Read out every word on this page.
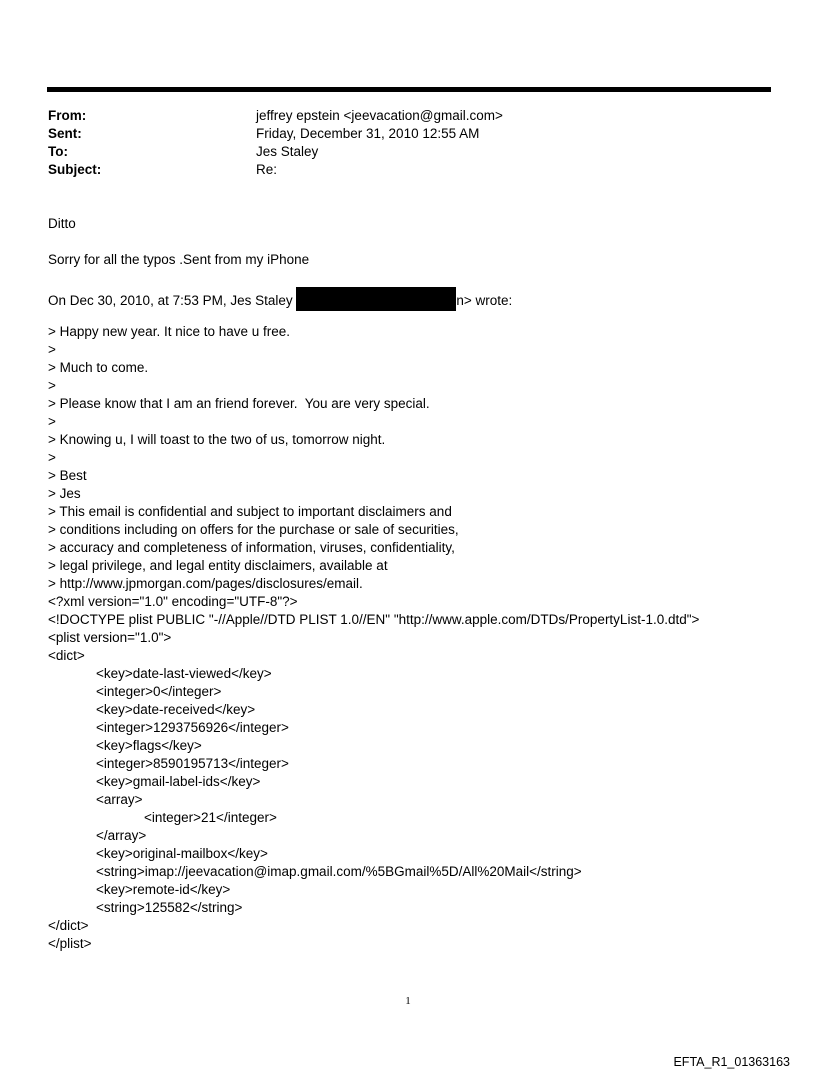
From:	jeffrey epstein <jeevacation@gmail.com>
Sent:	Friday, December 31, 2010 12:55 AM
To:	Jes Staley
Subject:	Re:
Ditto
Sorry for all the typos .Sent from my iPhone
On Dec 30, 2010, at 7:53 PM, Jes Staley	n> wrote:
> Happy new year. It nice to have u free.
>
> Much to come.
>
> Please know that I am an friend forever.  You are very special.
>
> Knowing u, I will toast to the two of us, tomorrow night.
>
> Best
> Jes
> This email is confidential and subject to important disclaimers and
> conditions including on offers for the purchase or sale of securities,
> accuracy and completeness of information, viruses, confidentiality,
> legal privilege, and legal entity disclaimers, available at
> http://www.jpmorgan.com/pages/disclosures/email.
<?xml version="1.0" encoding="UTF-8"?>
<!DOCTYPE plist PUBLIC "-//Apple//DTD PLIST 1.0//EN" "http://www.apple.com/DTDs/PropertyList-1.0.dtd">
<plist version="1.0">
<dict>
<key>date-last-viewed</key>
<integer>0</integer>
<key>date-received</key>
<integer>1293756926</integer>
<key>flags</key>
<integer>8590195713</integer>
<key>gmail-label-ids</key>
<array>
<integer>21</integer>
</array>
<key>original-mailbox</key>
<string>imap://jeevacation@imap.gmail.com/%5BGmail%5D/All%20Mail</string>
<key>remote-id</key>
<string>125582</string>
</dict>
</plist>
1
EFTA_R1_01363163
